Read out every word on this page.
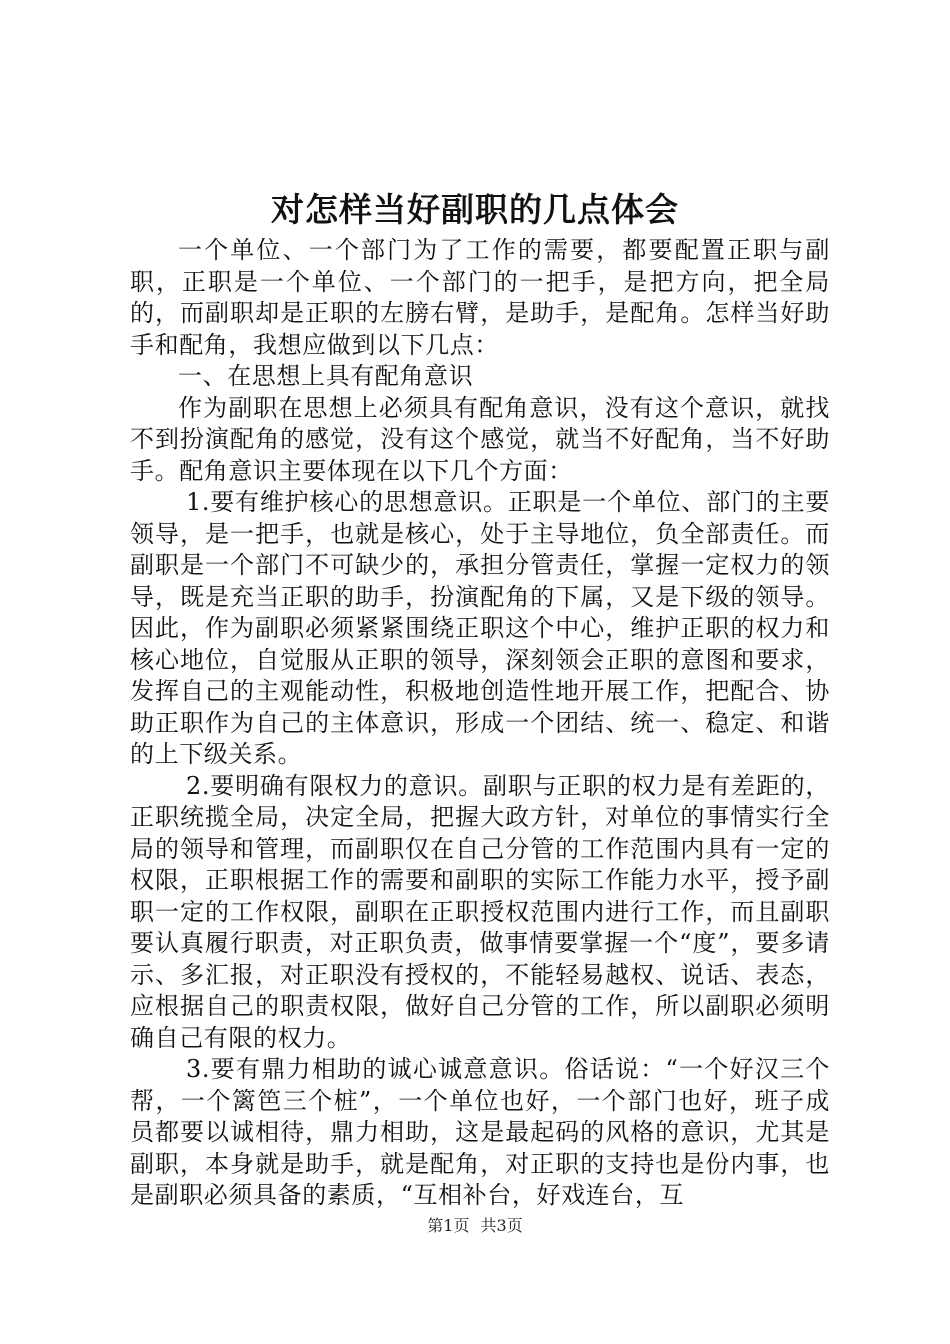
对怎样当好副职的几点体会

一个单位、一个部门为了工作的需要，都要配置正职与副职，正职是一个单位、一个部门的一把手，是把方向，把全局的，而副职却是正职的左膀右臂，是助手，是配角。怎样当好助手和配角，我想应做到以下几点：

一、在思想上具有配角意识

作为副职在思想上必须具有配角意识，没有这个意识，就找不到扮演配角的感觉，没有这个感觉，就当不好配角，当不好助手。配角意识主要体现在以下几个方面：

1.要有维护核心的思想意识。正职是一个单位、部门的主要领导，是一把手，也就是核心，处于主导地位，负全部责任。而副职是一个部门不可缺少的，承担分管责任，掌握一定权力的领导，既是充当正职的助手，扮演配角的下属，又是下级的领导。因此，作为副职必须紧紧围绕正职这个中心，维护正职的权力和核心地位，自觉服从正职的领导，深刻领会正职的意图和要求，发挥自己的主观能动性，积极地创造性地开展工作，把配合、协助正职作为自己的主体意识，形成一个团结、统一、稳定、和谐的上下级关系。

2.要明确有限权力的意识。副职与正职的权力是有差距的，正职统揽全局，决定全局，把握大政方针，对单位的事情实行全局的领导和管理，而副职仅在自己分管的工作范围内具有一定的权限，正职根据工作的需要和副职的实际工作能力水平，授予副职一定的工作权限，副职在正职授权范围内进行工作，而且副职要认真履行职责，对正职负责，做事情要掌握一个“度”，要多请示、多汇报，对正职没有授权的，不能轻易越权、说话、表态，应根据自己的职责权限，做好自己分管的工作，所以副职必须明确自己有限的权力。

3.要有鼎力相助的诚心诚意意识。俗话说：“一个好汉三个帮，一个篱笆三个桩”，一个单位也好，一个部门也好，班子成员都要以诚相待，鼎力相助，这是最起码的风格的意识，尤其是副职，本身就是助手，就是配角，对正职的支持也是份内事，也是副职必须具备的素质，“互相补台，好戏连台，互

第1页 共3页
